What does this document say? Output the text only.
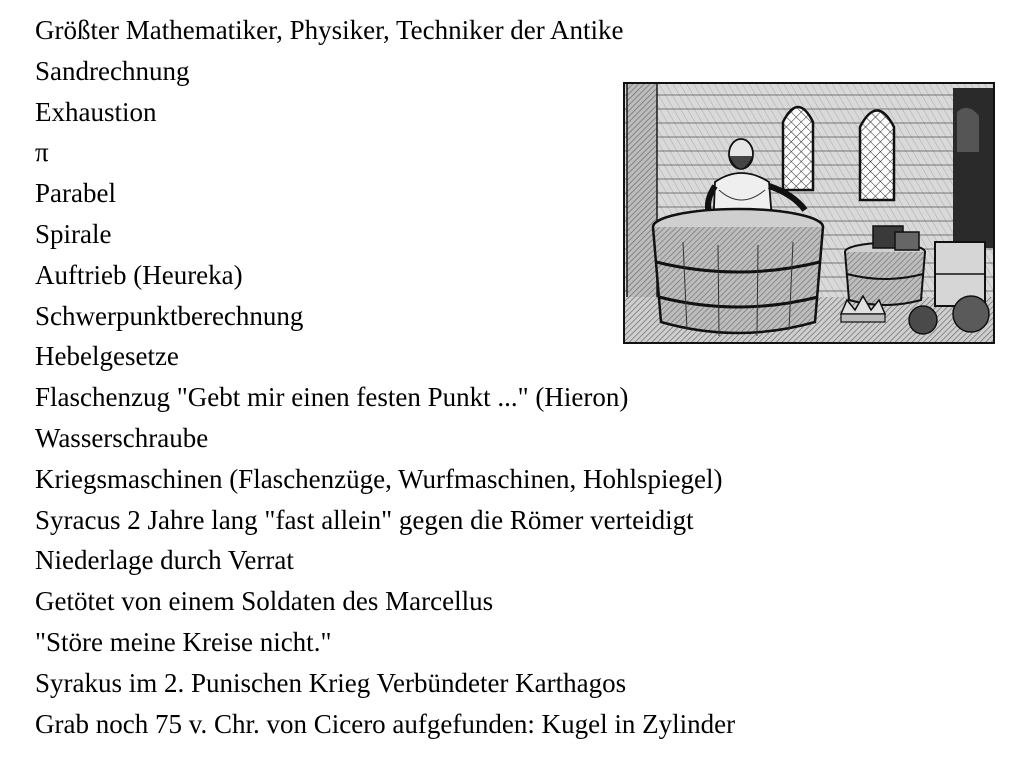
Größter Mathematiker, Physiker, Techniker der Antike
Sandrechnung
Exhaustion
π
Parabel
Spirale
Auftrieb (Heureka)
Schwerpunktberechnung
Hebelgesetze
Flaschenzug "Gebt mir einen festen Punkt ..." (Hieron)
Wasserschraube
Kriegsmaschinen (Flaschenzüge, Wurfmaschinen, Hohlspiegel)
Syracus 2 Jahre lang "fast allein" gegen die Römer verteidigt
Niederlage durch Verrat
Getötet von einem Soldaten des Marcellus
"Störe meine Kreise nicht."
Syrakus im 2. Punischen Krieg Verbündeter Karthagos
Grab noch 75 v. Chr. von Cicero aufgefunden: Kugel in Zylinder
